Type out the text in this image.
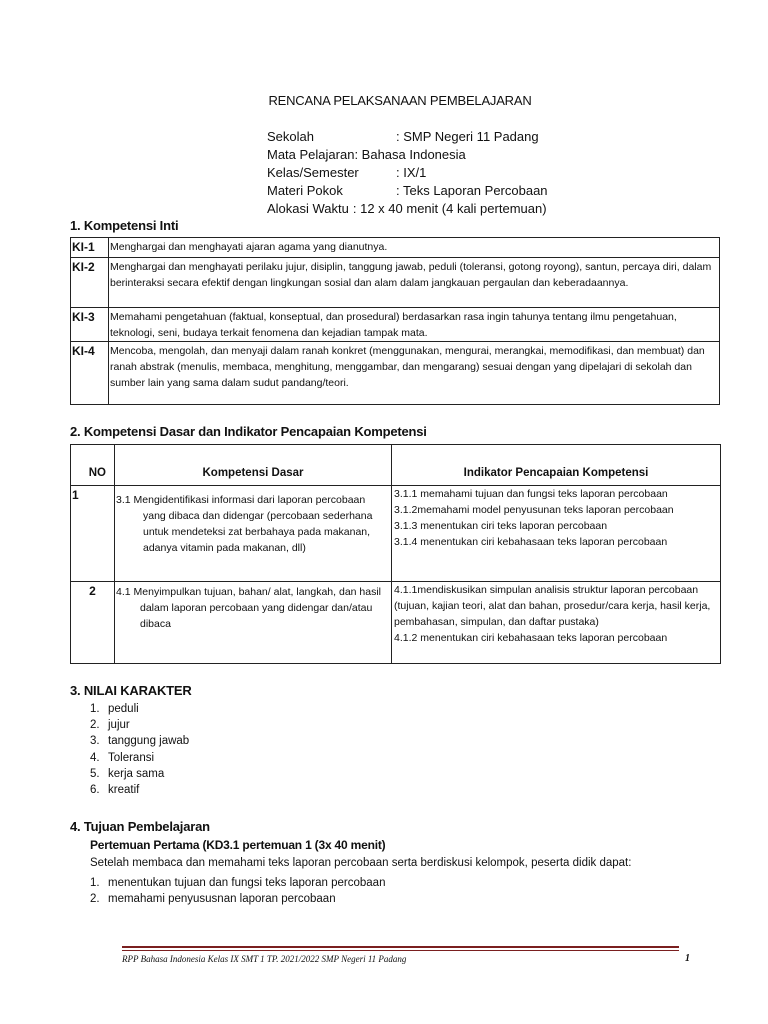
RENCANA PELAKSANAAN PEMBELAJARAN
Sekolah	: SMP Negeri 11 Padang
Mata Pelajaran : Bahasa Indonesia
Kelas/Semester	: IX/1
Materi Pokok	: Teks Laporan Percobaan
Alokasi Waktu : 12 x 40 menit (4 kali pertemuan)
1. Kompetensi Inti
KI-1	Menghargai dan menghayati ajaran agama yang dianutnya.
KI-2	Menghargai dan menghayati perilaku jujur, disiplin, tanggung jawab, peduli (toleransi, gotong royong), santun, percaya diri, dalam berinteraksi secara efektif dengan lingkungan sosial dan alam dalam jangkauan pergaulan dan keberadaannya.
KI-3	Memahami pengetahuan (faktual, konseptual, dan prosedural) berdasarkan rasa ingin tahunya tentang ilmu pengetahuan, teknologi, seni, budaya terkait fenomena dan kejadian tampak mata.
KI-4	Mencoba, mengolah, dan menyaji dalam ranah konkret (menggunakan, mengurai, merangkai, memodifikasi, dan membuat) dan ranah abstrak (menulis, membaca, menghitung, menggambar, dan mengarang) sesuai dengan yang dipelajari di sekolah dan sumber lain yang sama dalam sudut pandang/teori.
2. Kompetensi Dasar dan Indikator Pencapaian Kompetensi
NO	Kompetensi Dasar	Indikator Pencapaian Kompetensi
1	3.1 Mengidentifikasi informasi dari laporan percobaan yang dibaca dan didengar (percobaan sederhana untuk mendeteksi zat berbahaya pada makanan, adanya vitamin pada makanan, dll)	3.1.1 memahami tujuan dan fungsi teks laporan percobaan
3.1.2memahami model penyusunan teks laporan percobaan
3.1.3 menentukan ciri teks laporan percobaan
3.1.4 menentukan ciri kebahasaan teks laporan percobaan

2	4.1 Menyimpulkan tujuan, bahan/ alat, langkah, dan hasil dalam laporan percobaan yang didengar dan/atau dibaca	4.1.1mendiskusikan simpulan analisis struktur laporan percobaan (tujuan, kajian teori, alat dan bahan, prosedur/cara kerja, hasil kerja, pembahasan, simpulan, dan daftar pustaka)
4.1.2 menentukan ciri kebahasaan teks laporan percobaan
3. NILAI KARAKTER
1. peduli
2. jujur
3. tanggung jawab
4. Toleransi
5. kerja sama
6. kreatif
4. Tujuan Pembelajaran
Pertemuan Pertama (KD3.1 pertemuan 1 (3x 40 menit)
Setelah membaca dan memahami teks laporan percobaan serta berdiskusi kelompok, peserta didik dapat:
1. menentukan tujuan dan fungsi teks laporan percobaan
2. memahami penyususnan laporan percobaan
RPP Bahasa Indonesia Kelas IX SMT 1 TP. 2021/2022 SMP Negeri 11 Padang	1
